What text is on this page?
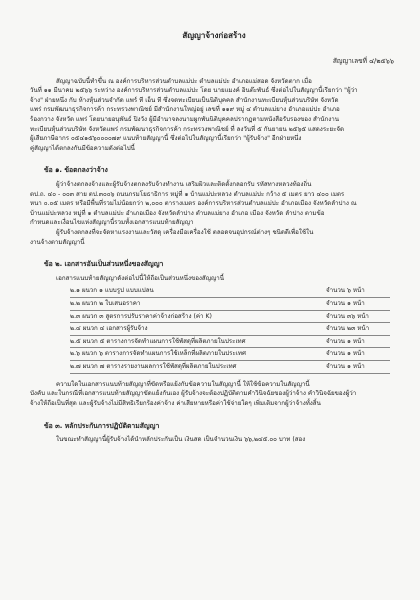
สัญญาจ้างก่อสร้าง
สัญญาเลขที่ ๔/๒๕๖๖

สัญญาฉบับนี้ทำขึ้น ณ องค์การบริหารส่วนตำบลแม่ปะ ตำบลแม่ปะ อำเภอแม่สอด จังหวัดตาก เมื่อ

วันที่ ๑๑ มีนาคม ๒๕๖๖ ระหว่าง องค์การบริหารส่วนตำบลแม่ปะ โดย นายแมงค์ อินต๊ะพันธ์ ซึ่งต่อไปในสัญญานี้เรียกว่า "ผู้ว่า

จ้าง" ฝ่ายหนึ่ง กับ ห้างหุ้นส่วนจำกัด แพร์ ที เอ็น ที ซึ่งจดทะเบียนเป็นนิติบุคคล สำนักงานทะเบียนหุ้นส่วนบริษัท จังหวัด

แพร่ กรมพัฒนาธุรกิจการค้า กระทรวงพาณิชย์ มีสำนักงานใหญ่อยู่ เลขที่ ๑๑๙ หมู่ ๔ ตำบลแม่ยาง อำเภอแม่ปะ อำเภอ

ร้องกวาง จังหวัด แพร่ โดยนายอนุพันธ์ ปิงวัง ผู้มีอำนาจลงนามผูกพันนิติบุคคลปรากฏตามหนังสือรับรองของ สำนักงาน

ทะเบียนหุ้นส่วนบริษัท จังหวัดแพร่ กรมพัฒนาธุรกิจการค้า กระทรวงพาณิชย์ ที่ ลงวันที่ ๕ กันยายน ๒๕๖๕ แสดงระยะจัด

ผู้เสียภาษีอากร ๐๕๔๑๕๖๐๐๐๐๗๙ แนบท้ายสัญญานี้ ซึ่งต่อไปในสัญญานี้เรียกว่า "ผู้รับจ้าง" อีกฝ่ายหนึ่ง

คู่สัญญาได้ตกลงกันมีข้อความดังต่อไปนี้

ข้อ ๑. ข้อตกลงว่าจ้าง

ผู้ว่าจ้างตกลงจ้างและผู้รับจ้างตกลงรับจ้างทำงาน เสริมผิวและติดตั้งกลอกรับ รหัสทางหลวงท้องถิ่น

ตป.ถ. ๔๐ - ๐๐๓ สาย ตป.๓๐๐๖ ถนนกรมโยธาธิการ หมู่ที่ ๑ บ้านแม่ปะหลวง ตำบลแม่ปะ กว้าง ๕ เมตร ยาว ๔๐๐ เมตร

หนา ๐.๐๕ เมตร หรือมีพื้นที่รวมไม่น้อยกว่า ๒,๐๐๐ ตารางเมตร องค์การบริหารส่วนตำบลแม่ปะ อำเภอเมือง จังหวัดลำปาง ณ

บ้านแม่ปะหลวง หมู่ที่ ๑ ตำบลแม่ปะ อำเภอเมือง จังหวัดลำปาง ตำบลแม่ยาง อำเภอ เมือง จังหวัด ลำปาง ตามข้อ

กำหนดและเงื่อนไขแห่งสัญญานี้รวมทั้งเอกสารแนบท้ายสัญญา

ผู้รับจ้างตกลงที่จะจัดหาแรงงานและวัสดุ เครื่องมือเครื่องใช้ ตลอดจนอุปกรณ์ต่างๆ ชนิดดีเพื่อใช้ใน

งานจ้างตามสัญญานี้

ข้อ ๒. เอกสารอันเป็นส่วนหนึ่งของสัญญา
เอกสารแนบท้ายสัญญาดังต่อไปนี้ให้ถือเป็นส่วนหนึ่งของสัญญานี้
๒.๑ ผนวก ๑ แบบรูป แบบแปลน	จำนวน ๖ หน้า
๒.๒ ผนวก ๒ ใบเสนอราคา	จำนวน ๑ หน้า
๒.๓ ผนวก ๓ สูตรการปรับราคาค่าจ้างก่อสร้าง (ค่า K)	จำนวน ๓๖ หน้า
๒.๔ ผนวก ๔ เอกสารผู้รับจ้าง	จำนวน ๒๓ หน้า
๒.๕ ผนวก ๕ ตารางการจัดทำแผนการใช้พัสดุที่ผลิตภายในประเทศ	จำนวน ๑ หน้า
๒.๖ ผนวก ๖ ตารางการจัดทำแผนการใช้เหล็กที่ผลิตภายในประเทศ	จำนวน ๑ หน้า
๒.๗ ผนวก ๗ ตารางรายงานผลการใช้พัสดุที่ผลิตภายในประเทศ	จำนวน ๑ หน้า

ความใดในเอกสารแนบท้ายสัญญาที่ขัดหรือแย้งกับข้อความในสัญญานี้ ให้ใช้ข้อความในสัญญานี้

บังคับ และในกรณีที่เอกสารแนบท้ายสัญญาขัดแย้งกันเอง ผู้รับจ้างจะต้องปฏิบัติตามคำวินิจฉัยของผู้ว่าจ้าง คำวินิจฉัยของผู้ว่า

จ้างให้ถือเป็นที่สุด และผู้รับจ้างไม่มีสิทธิเรียกร้องค่าจ้าง ค่าเสียหายหรือค่าใช้จ่ายใดๆ เพิ่มเติมจากผู้ว่าจ้างทั้งสิ้น

ข้อ ๓. หลักประกันการปฏิบัติตามสัญญา
ในขณะทำสัญญานี้ผู้รับจ้างได้นำหลักประกันเป็น เงินสด เป็นจำนวนเงิน ๖๖,๒๔๕.๐๐ บาท (สอง
